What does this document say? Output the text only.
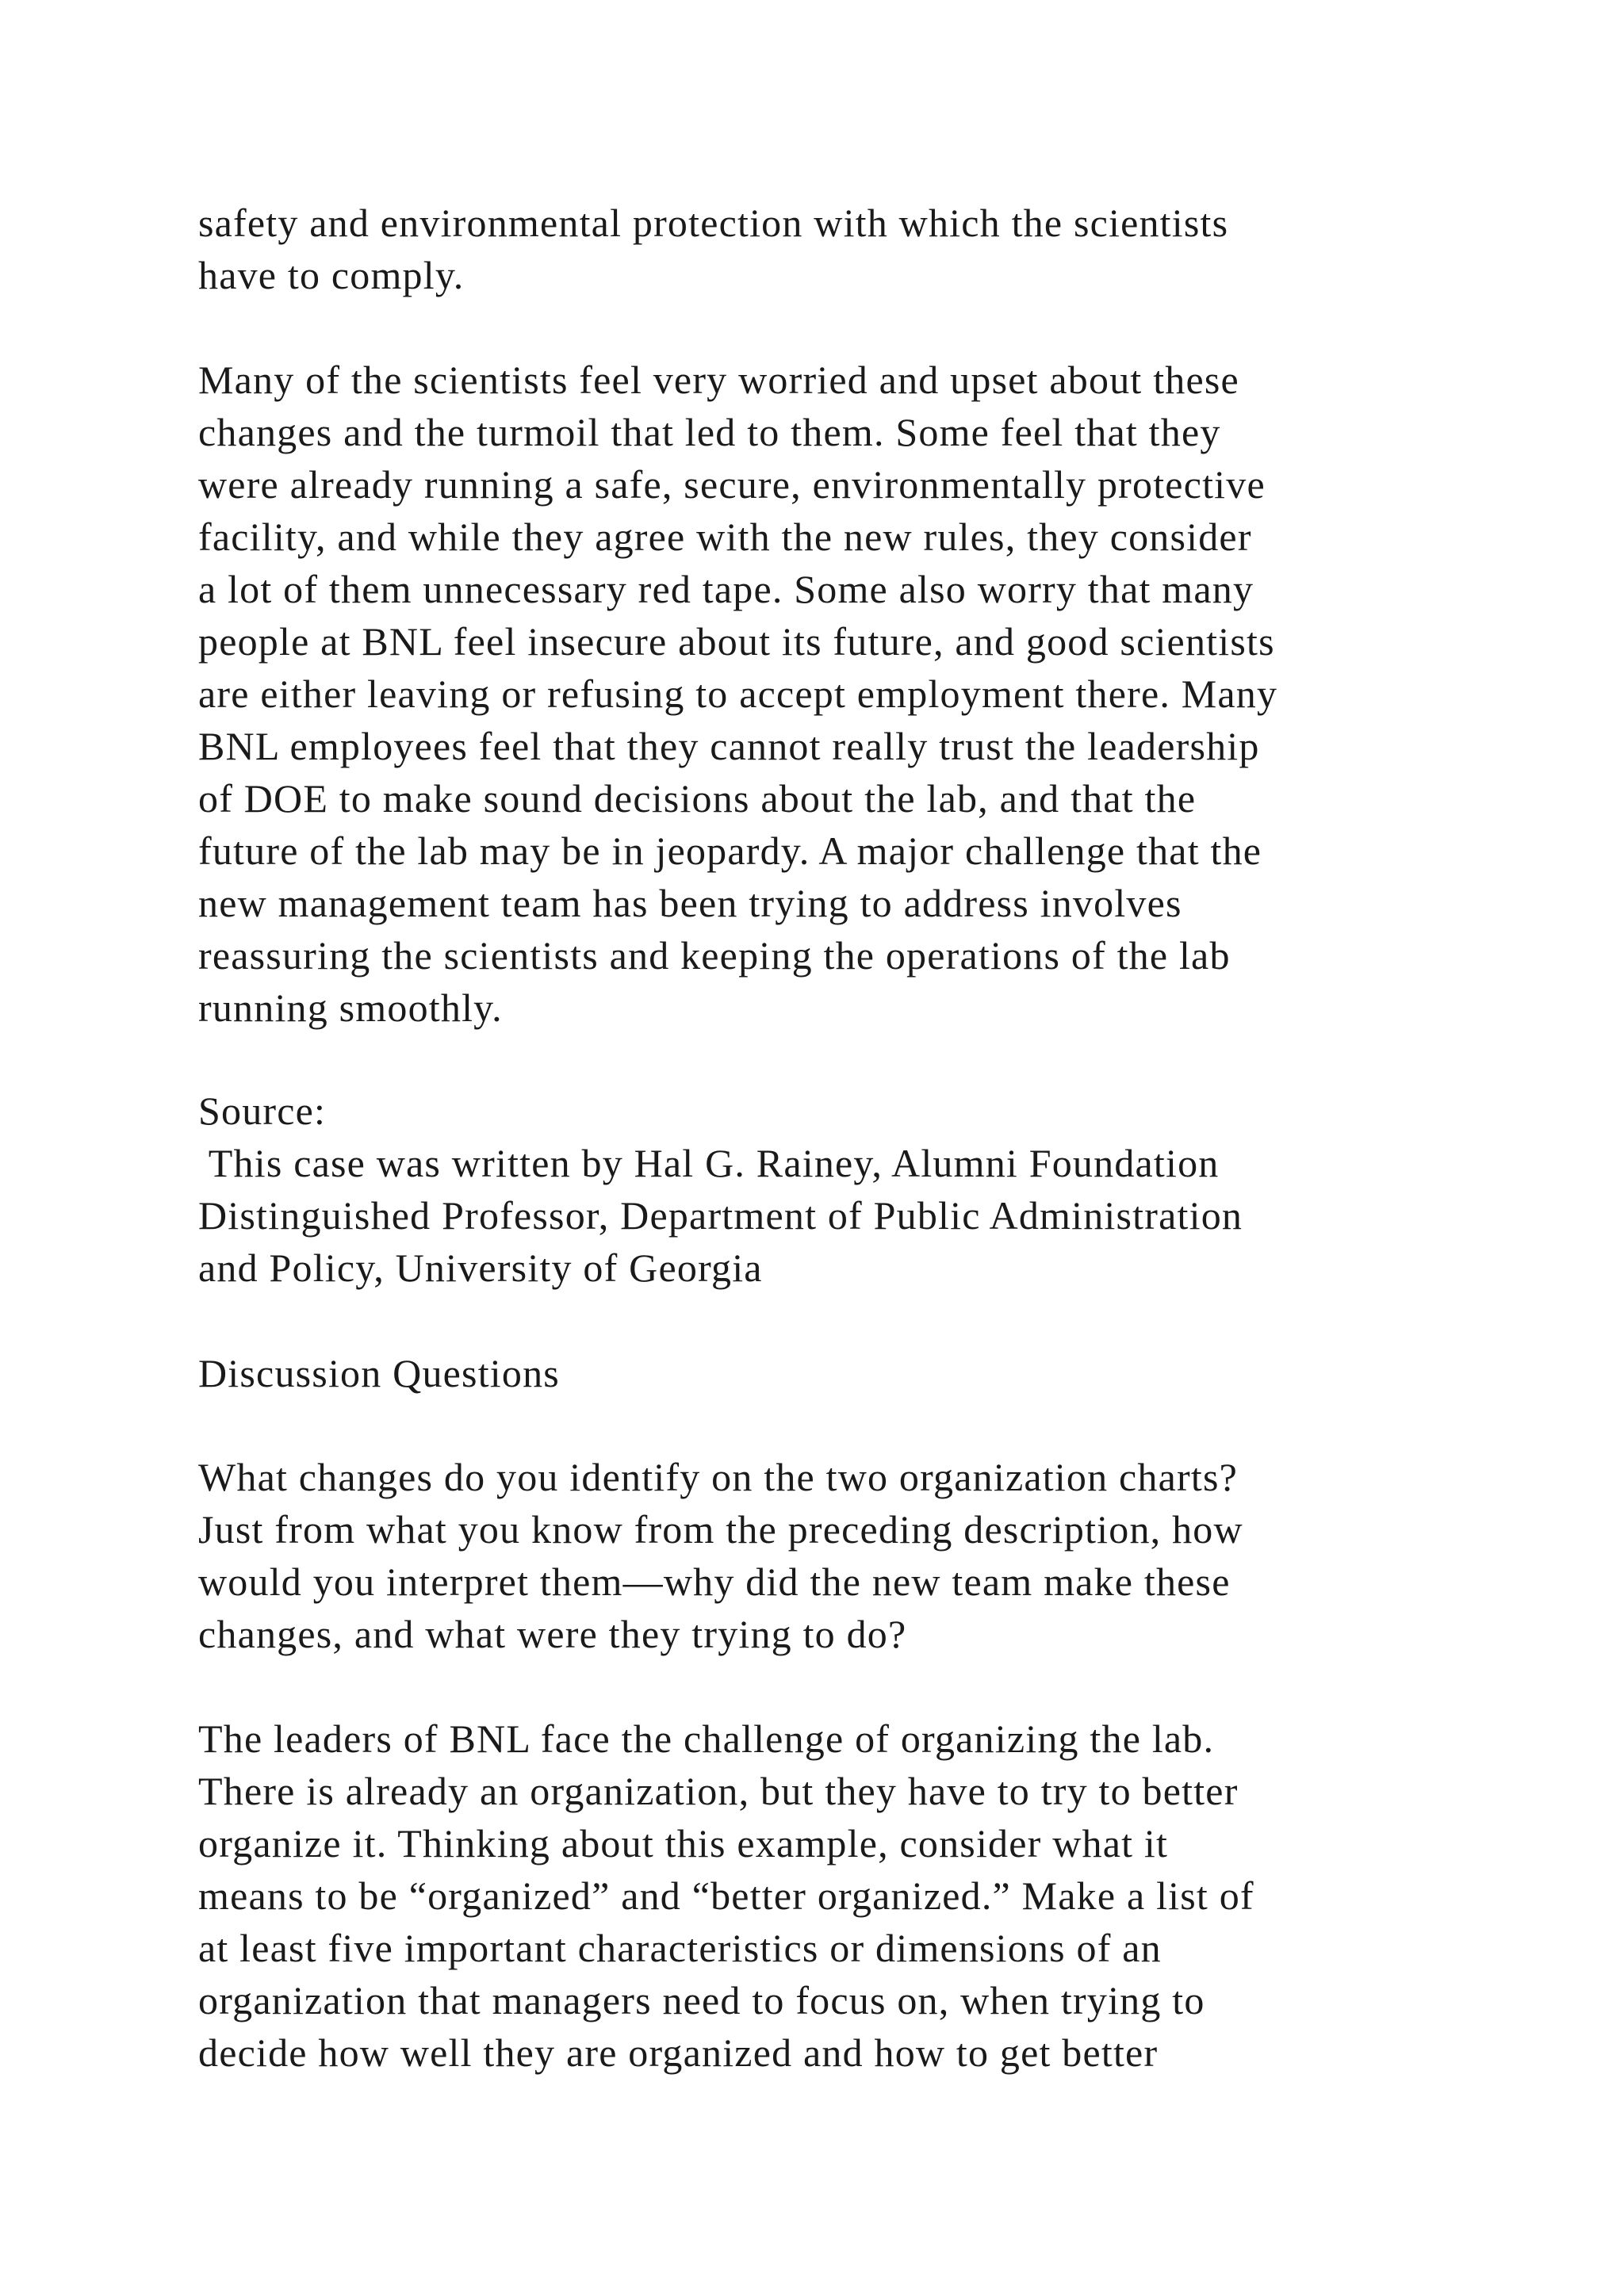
safety and environmental protection with which the scientists
have to comply.
Many of the scientists feel very worried and upset about these
changes and the turmoil that led to them. Some feel that they
were already running a safe, secure, environmentally protective
facility, and while they agree with the new rules, they consider
a lot of them unnecessary red tape. Some also worry that many
people at BNL feel insecure about its future, and good scientists
are either leaving or refusing to accept employment there. Many
BNL employees feel that they cannot really trust the leadership
of DOE to make sound decisions about the lab, and that the
future of the lab may be in jeopardy. A major challenge that the
new management team has been trying to address involves
reassuring the scientists and keeping the operations of the lab
running smoothly.
Source:
This case was written by Hal G. Rainey, Alumni Foundation
Distinguished Professor, Department of Public Administration
and Policy, University of Georgia
Discussion Questions
What changes do you identify on the two organization charts?
Just from what you know from the preceding description, how
would you interpret them—why did the new team make these
changes, and what were they trying to do?
The leaders of BNL face the challenge of organizing the lab.
There is already an organization, but they have to try to better
organize it. Thinking about this example, consider what it
means to be “organized” and “better organized.” Make a list of
at least five important characteristics or dimensions of an
organization that managers need to focus on, when trying to
decide how well they are organized and how to get better
